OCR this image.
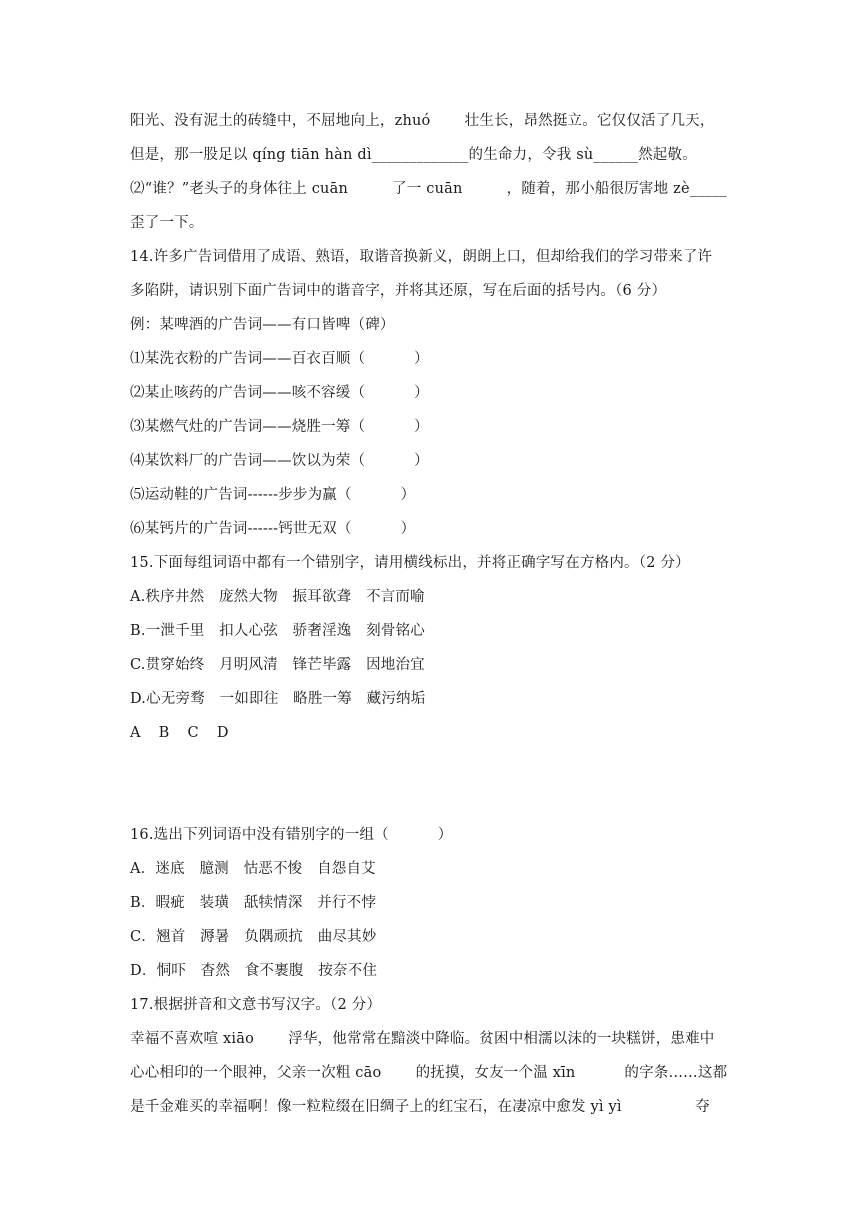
阳光、没有泥土的砖缝中，不屈地向上，zhuó　　 壮生长，昂然挺立。它仅仅活了几天，
但是，那一股足以 qíng tiān hàn dì_____________的生命力，令我 sù______然起敬。
⑵“谁？”老头子的身体往上 cuān　　　了一 cuān　　　，随着，那小船很厉害地 zè_____
歪了一下。
14.许多广告词借用了成语、熟语，取谐音换新义，朗朗上口，但却给我们的学习带来了许
多陷阱，请识别下面广告词中的谐音字，并将其还原，写在后面的括号内。（6 分）
例：某啤酒的广告词——有口皆啤（碑）
⑴某洗衣粉的广告词——百衣百顺（　　　 ）
⑵某止咳药的广告词——咳不容缓（　　　 ）
⑶某燃气灶的广告词——烧胜一筹（　　　 ）
⑷某饮料厂的广告词——饮以为荣（　　　 ）
⑸运动鞋的广告词------步步为赢（　　　 ）
⑹某钙片的广告词------钙世无双（　　　 ）
15.下面每组词语中都有一个错别字，请用横线标出，并将正确字写在方格内。（2 分）
A.秩序井然　庞然大物　振耳欲聋　不言而喻
B.一泄千里　扣人心弦　骄奢淫逸　刻骨铭心
C.贯穿始终　月明风清　锋芒毕露　因地治宜
D.心无旁骛　一如即往　略胜一筹　藏污纳垢
A B C D
16.选出下列词语中没有错别字的一组（　　　 ）
A．迷底　臆测　怙恶不悛　自怨自艾
B．暇疵　装璜　舐犊情深　并行不悖
C．翘首　溽暑　负隅顽抗　曲尽其妙
D．恫吓　杳然　食不裹腹　按奈不住
17.根据拼音和文意书写汉字。（2 分）
幸福不喜欢喧 xiāo　　 浮华，他常常在黯淡中降临。贫困中相濡以沫的一块糕饼，患难中
心心相印的一个眼神，父亲一次粗 cāo　　 的抚摸，女友一个温 xīn　　　 的字条……这都
是千金难买的幸福啊！像一粒粒缀在旧绸子上的红宝石，在凄凉中愈发 yì yì　　　　　夺
